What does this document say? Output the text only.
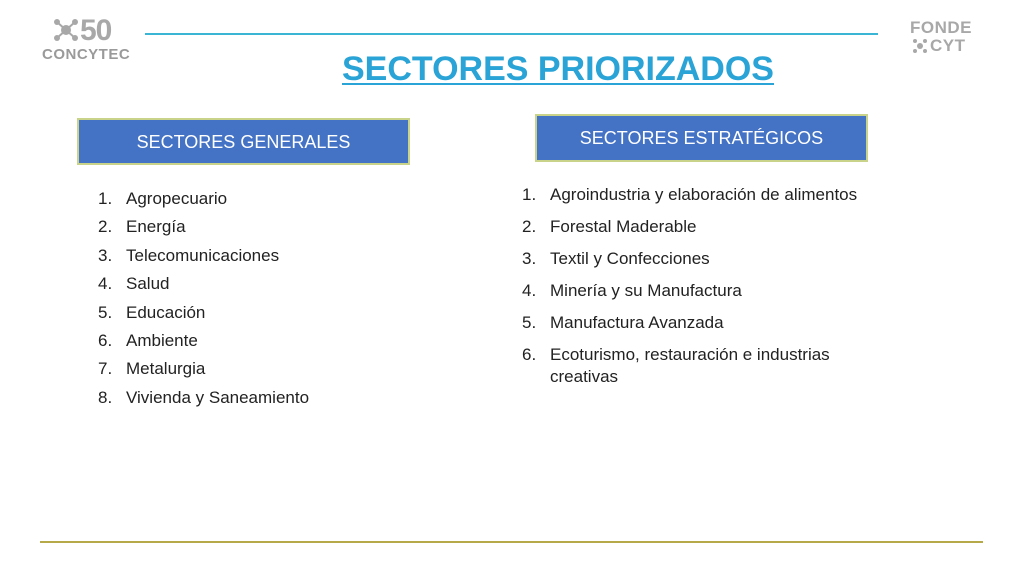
50
CONCYTEC
FONDE
CYT
SECTORES PRIORIZADOS
SECTORES GENERALES	SECTORES ESTRATÉGICOS
1. Agropecuario
2. Energía
3. Telecomunicaciones
4. Salud
5. Educación
6. Ambiente
7. Metalurgia
8. Vivienda y Saneamiento
1. Agroindustria y elaboración de alimentos
2. Forestal Maderable
3. Textil y Confecciones
4. Minería y su Manufactura
5. Manufactura Avanzada
6. Ecoturismo, restauración e industrias creativas
